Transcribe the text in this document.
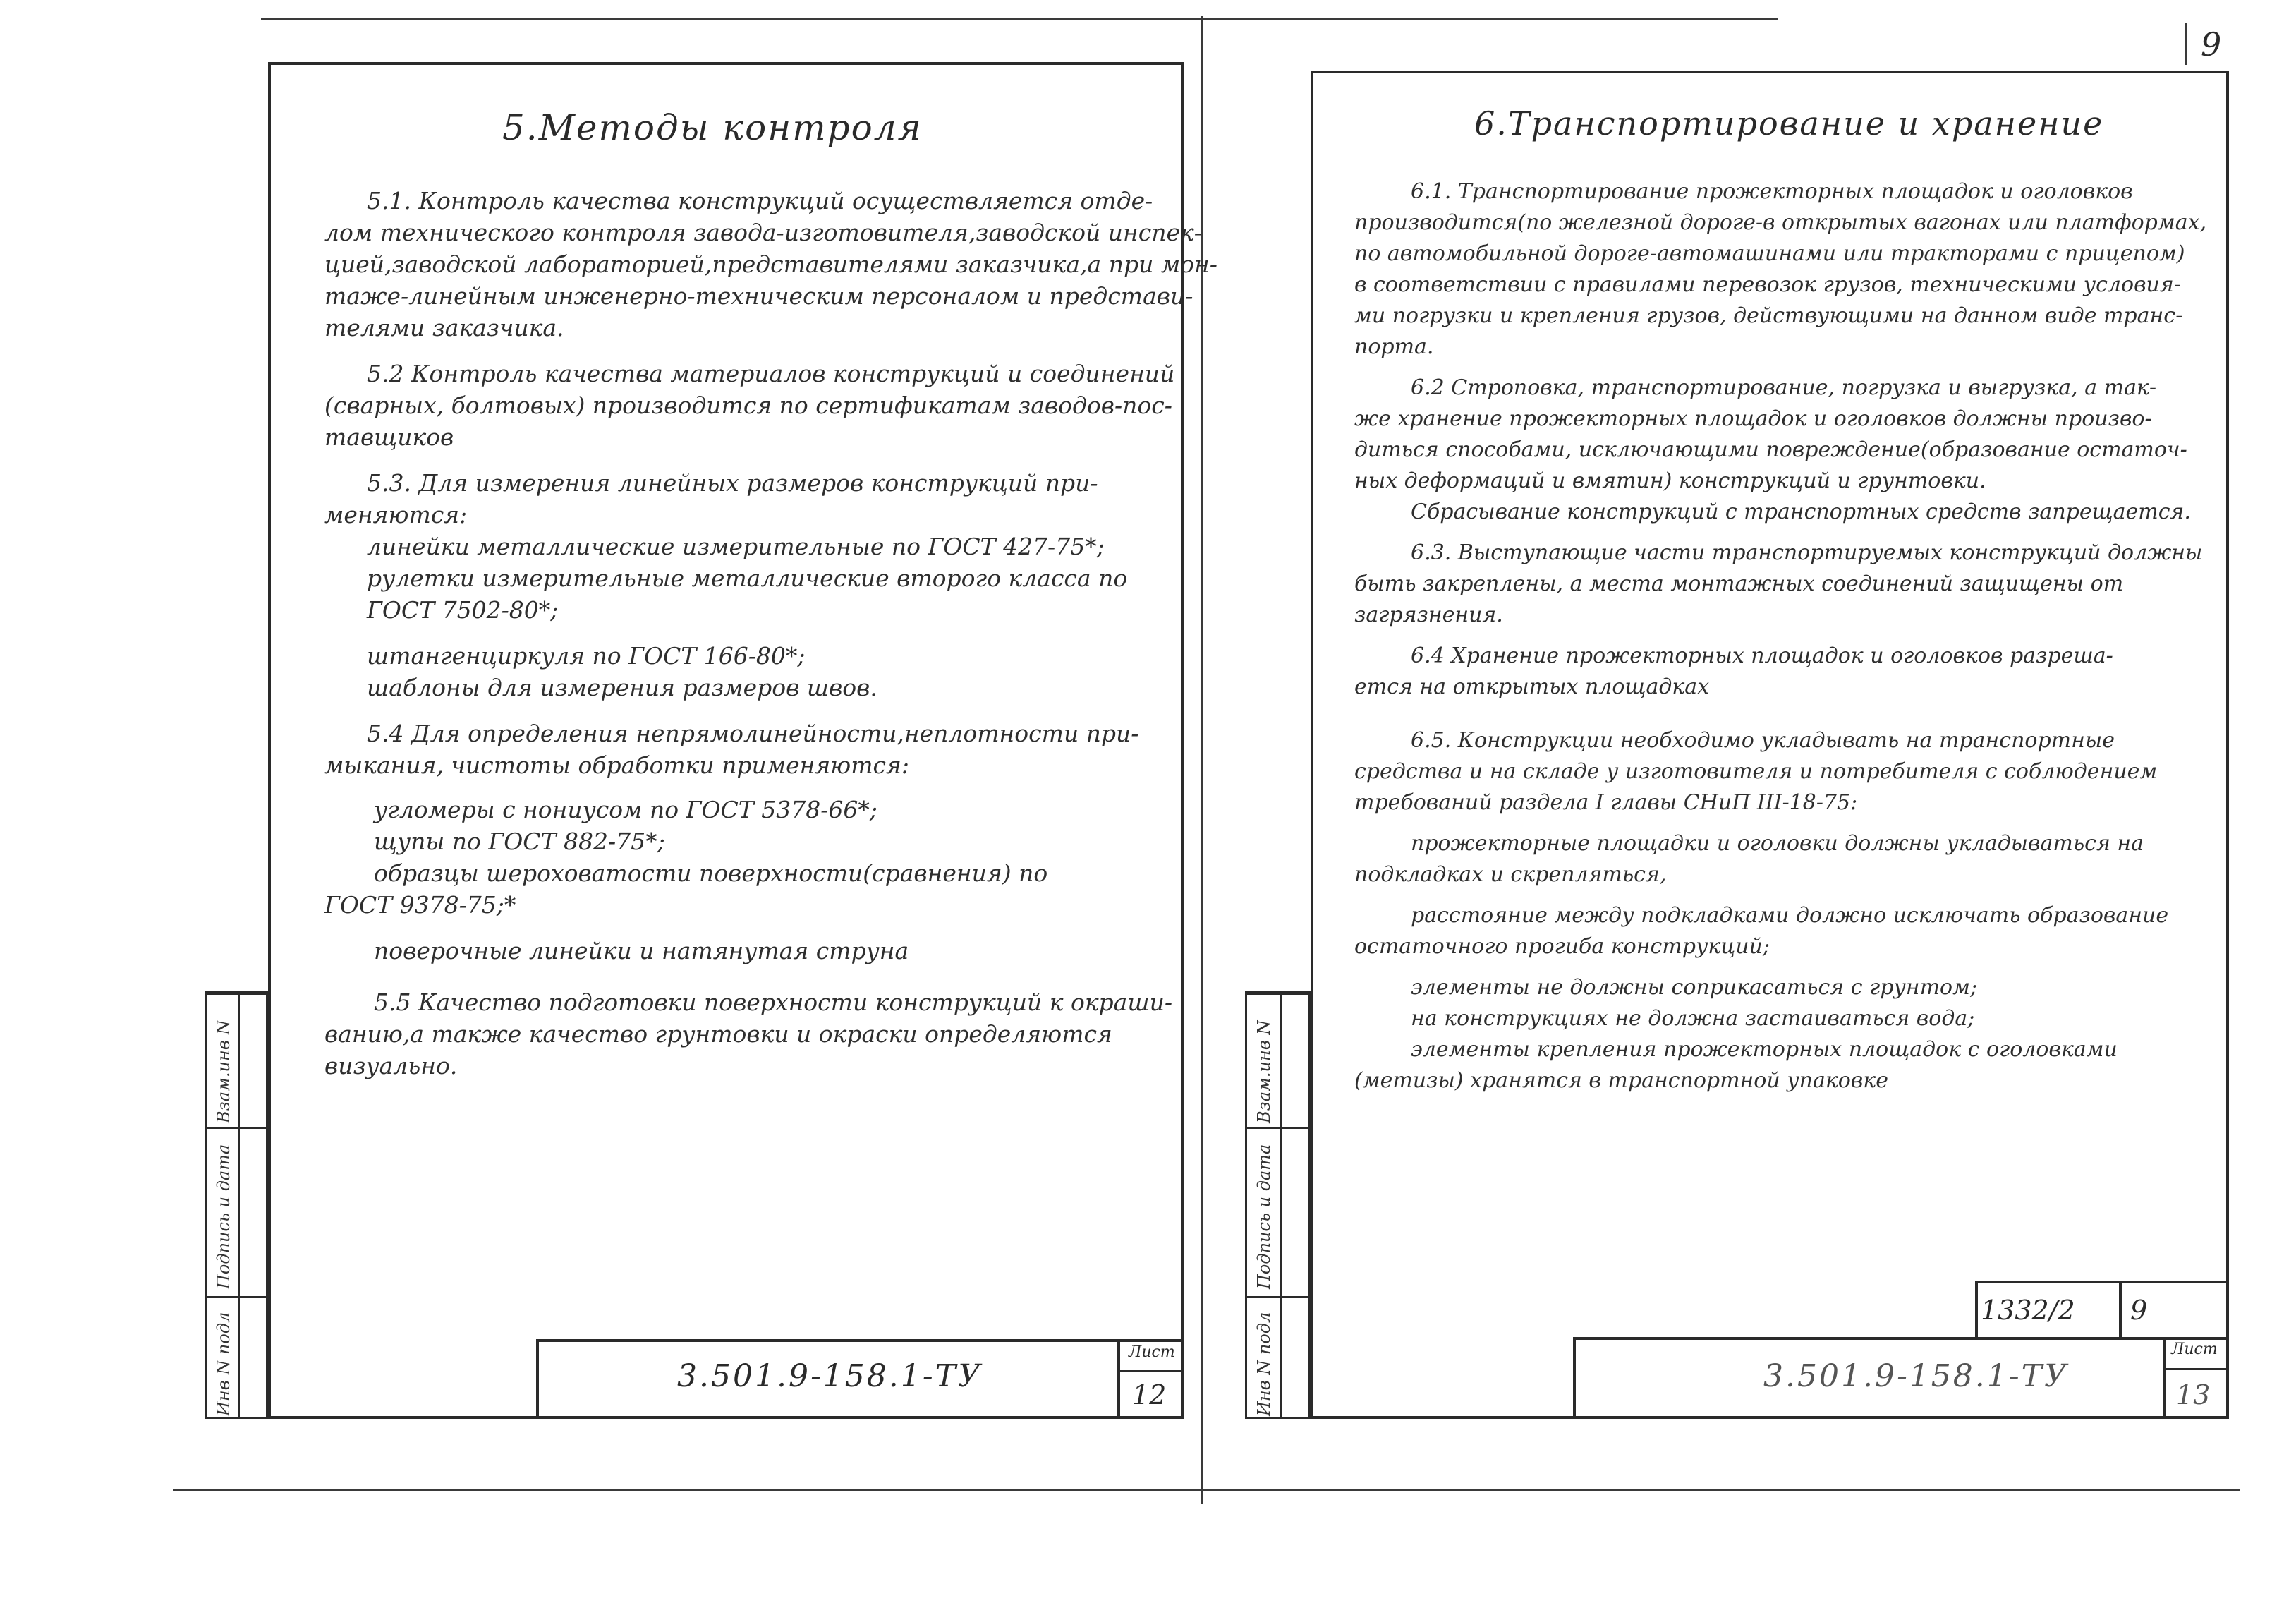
9
Инв N подл
Подпись и дата
Взам.инв N
5.Методы контроля

5.1. Контроль качества конструкций осуществляется отде-

лом технического контроля завода-изготовителя,заводской инспек-

цией,заводской лабораторией,представителями заказчика,а при мон-

таже-линейным инженерно-техническим персоналом и представи-

телями заказчика.

5.2 Контроль качества материалов конструкций и соединений

(сварных, болтовых) производится по сертификатам заводов-пос-

тавщиков

5.3. Для измерения линейных размеров конструкций при-

меняются:

линейки металлические измерительные по ГОСТ 427-75*;

рулетки измерительные металлические второго класса по

ГОСТ 7502-80*;

штангенциркуля по ГОСТ 166-80*;

шаблоны для измерения размеров швов.

5.4 Для определения непрямолинейности,неплотности при-

мыкания, чистоты обработки применяются:

угломеры с нониусом по ГОСТ 5378-66*;

щупы по ГОСТ 882-75*;

образцы шероховатости поверхности(сравнения) по

ГОСТ 9378-75;*

поверочные линейки и натянутая струна

5.5 Качество подготовки поверхности конструкций к окраши-

ванию,а также качество грунтовки и окраски определяются

визуально.

3.501.9-158.1-ТУ
Лист
12	Инв N подл
Подпись и дата
Взам.инв N
6.Транспортирование и хранение

6.1. Транспортирование прожекторных площадок и оголовков

производится(по железной дороге-в открытых вагонах или платформах,

по автомобильной дороге-автомашинами или тракторами с прицепом)

в соответствии с правилами перевозок грузов, техническими условия-

ми погрузки и крепления грузов, действующими на данном виде транс-

порта.

6.2 Строповка, транспортирование, погрузка и выгрузка, а так-

же хранение прожекторных площадок и оголовков должны произво-

диться способами, исключающими повреждение(образование остаточ-

ных деформаций и вмятин) конструкций и грунтовки.

Сбрасывание конструкций с транспортных средств запрещается.

6.3. Выступающие части транспортируемых конструкций должны

быть закреплены, а места монтажных соединений защищены от

загрязнения.

6.4 Хранение прожекторных площадок и оголовков разреша-

ется на открытых площадках

6.5. Конструкции необходимо укладывать на транспортные

средства и на складе у изготовителя и потребителя с соблюдением

требований раздела I главы СНиП III-18-75:

прожекторные площадки и оголовки должны укладываться на

подкладках и скрепляться,

расстояние между подкладками должно исключать образование

остаточного прогиба конструкций;

элементы не должны соприкасаться с грунтом;

на конструкциях не должна застаиваться вода;

элементы крепления прожекторных площадок с оголовками

(метизы) хранятся в транспортной упаковке

1332/2 9
3.501.9-158.1-ТУ
Лист
13
